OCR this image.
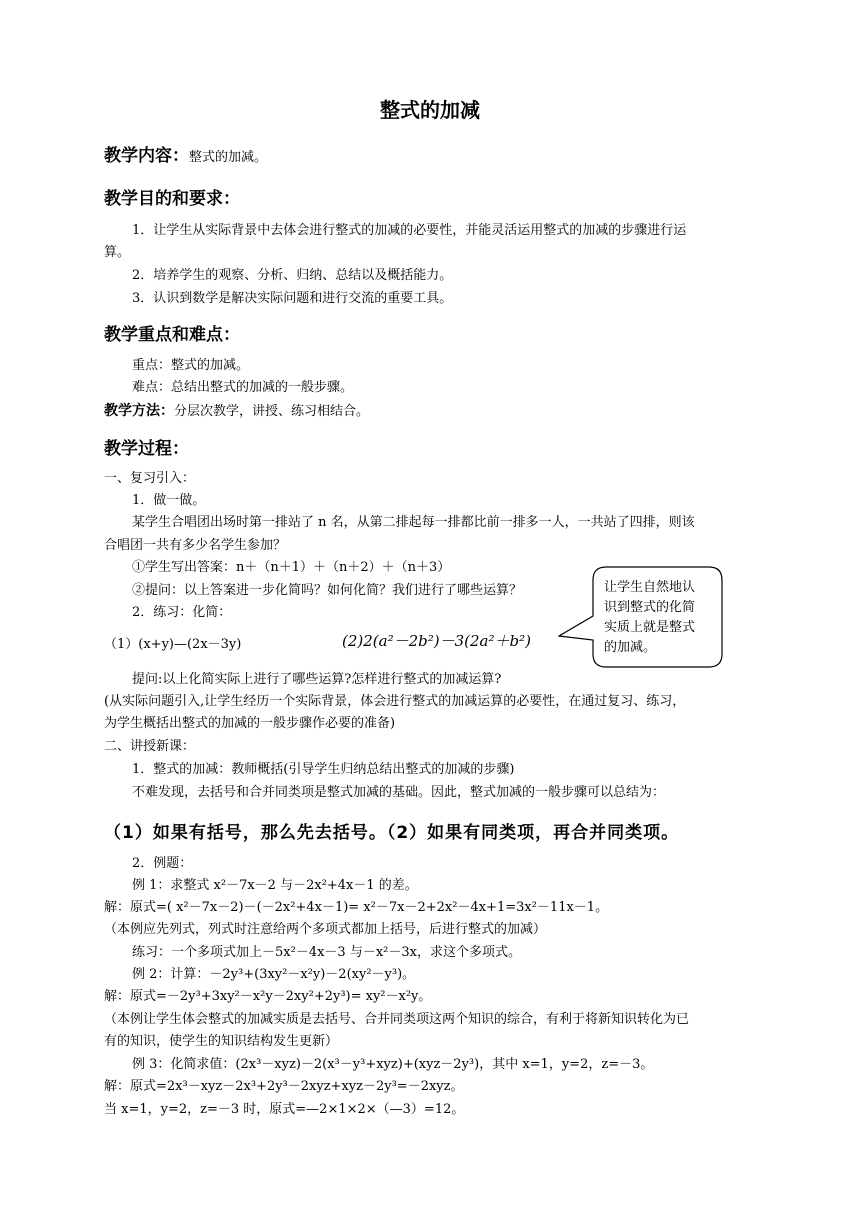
整式的加减
教学内容：整式的加减。
教学目的和要求：
1．让学生从实际背景中去体会进行整式的加减的必要性，并能灵活运用整式的加减的步骤进行运
算。
2．培养学生的观察、分析、归纳、总结以及概括能力。
3．认识到数学是解决实际问题和进行交流的重要工具。
教学重点和难点：
重点：整式的加减。
难点：总结出整式的加减的一般步骤。
教学方法：分层次教学，讲授、练习相结合。
教学过程：
一、复习引入：
1．做一做。
某学生合唱团出场时第一排站了 n 名，从第二排起每一排都比前一排多一人，一共站了四排，则该
合唱团一共有多少名学生参加？
①学生写出答案：n＋（n＋1）＋（n＋2）＋（n＋3）
②提问：以上答案进一步化简吗？如何化简？我们进行了哪些运算？
2．练习：化简：
（1）(x+y)—(2x－3y)	(2)2(a²－2b²)－3(2a²＋b²)
提问:以上化简实际上进行了哪些运算?怎样进行整式的加减运算?
(从实际问题引入,让学生经历一个实际背景，体会进行整式的加减运算的必要性，在通过复习、练习，
为学生概括出整式的加减的一般步骤作必要的准备)
二、讲授新课：
1．整式的加减：教师概括(引导学生归纳总结出整式的加减的步骤)
不难发现，去括号和合并同类项是整式加减的基础。因此，整式加减的一般步骤可以总结为：
（1）如果有括号，那么先去括号。（2）如果有同类项，再合并同类项。
2．例题：
例 1：求整式 x²－7x－2 与－2x²+4x－1 的差。
解：原式=( x²－7x－2)－(－2x²+4x－1)= x²－7x－2+2x²－4x+1=3x²－11x－1。
（本例应先列式，列式时注意给两个多项式都加上括号，后进行整式的加减）
练习：一个多项式加上－5x²－4x－3 与－x²－3x，求这个多项式。
例 2：计算：－2y³+(3xy²－x²y)－2(xy²－y³)。
解：原式=－2y³+3xy²－x²y－2xy²+2y³)= xy²－x²y。
（本例让学生体会整式的加减实质是去括号、合并同类项这两个知识的综合，有利于将新知识转化为已
有的知识，使学生的知识结构发生更新）
例 3：化简求值：(2x³－xyz)－2(x³－y³+xyz)+(xyz－2y³)，其中 x=1，y=2，z=－3。
解：原式=2x³－xyz－2x³+2y³－2xyz+xyz－2y³=－2xyz。
当 x=1，y=2，z=－3 时，原式=—2×1×2×（—3）=12。
让学生自然地认
识到整式的化简
实质上就是整式
的加减。
